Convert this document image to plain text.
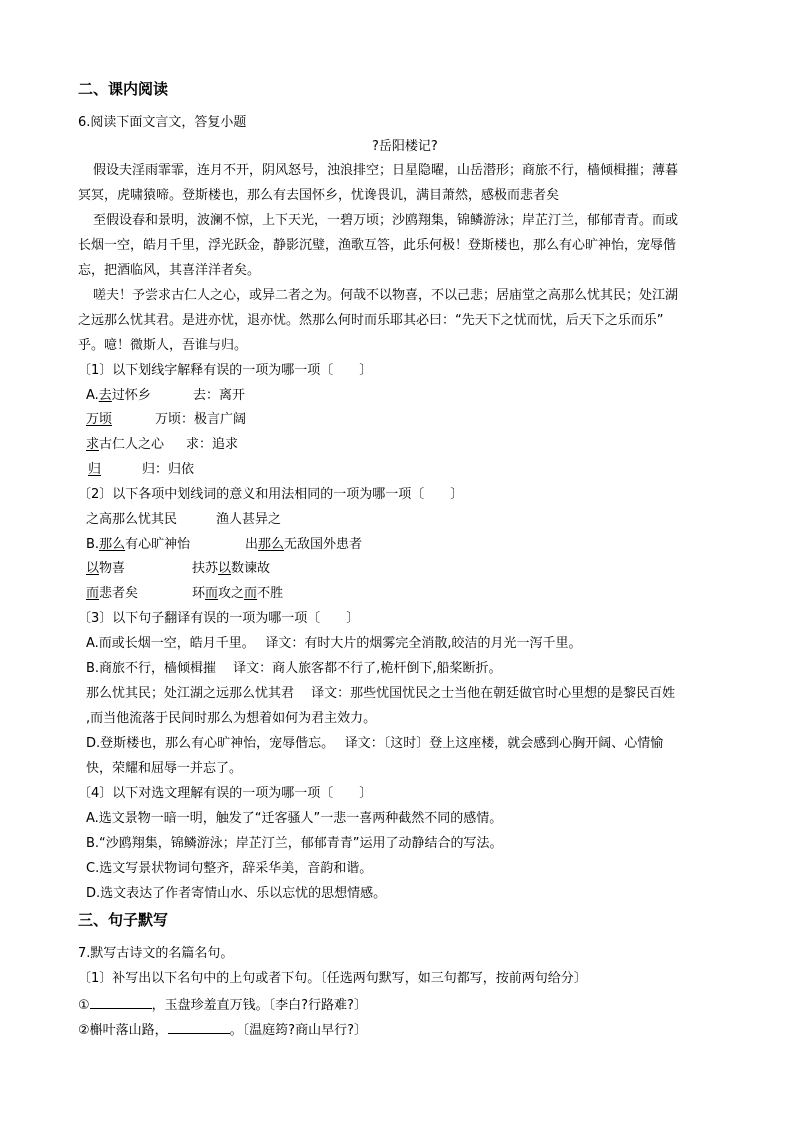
二、课内阅读
6.阅读下面文言文，答复小题
?岳阳楼记?
假设夫淫雨霏霏，连月不开，阴风怒号，浊浪排空；日星隐曜，山岳潜形；商旅不行，樯倾楫摧；薄暮
冥冥，虎啸猿啼。登斯楼也，那么有去国怀乡，忧谗畏讥，满目萧然，感极而悲者矣
至假设春和景明，波澜不惊，上下天光，一碧万顷；沙鸥翔集，锦鳞游泳；岸芷汀兰，郁郁青青。而或
长烟一空，皓月千里，浮光跃金，静影沉璧，渔歌互答，此乐何极！登斯楼也，那么有心旷神怡，宠辱偕
忘，把酒临风，其喜洋洋者矣。
嗟夫！予尝求古仁人之心，或异二者之为。何哉不以物喜，不以己悲；居庙堂之高那么忧其民；处江湖
之远那么忧其君。是进亦忧，退亦忧。然那么何时而乐耶其必曰：“先天下之忧而忧，后天下之乐而乐”
乎。噫！微斯人，吾谁与归。
〔1〕以下划线字解释有误的一项为哪一项〔　　〕
A.去过怀乡	去：离开
万顷	万顷：极言广阔
求古仁人之心 求：追求
归	归：归依
〔2〕以下各项中划线词的意义和用法相同的一项为哪一项〔　　〕
之高那么忧其民	渔人甚异之
B.那么有心旷神怡	出那么无敌国外患者
以物喜	扶苏以数谏故
而悲者矣	环而攻之而不胜
〔3〕以下句子翻译有误的一项为哪一项〔　　〕
A.而或长烟一空，皓月千里。　 译文：有时大片的烟雾完全消散,皎洁的月光一泻千里。
B.商旅不行，樯倾楫摧　 译文：商人旅客都不行了,桅杆倒下,船桨断折。
那么忧其民；处江湖之远那么忧其君　 译文：那些忧国忧民之士当他在朝廷做官时心里想的是黎民百姓
,而当他流落于民间时那么为想着如何为君主效力。
D.登斯楼也，那么有心旷神怡，宠辱偕忘。　 译文：〔这时〕登上这座楼，就会感到心胸开阔、心情愉
快，荣耀和屈辱一并忘了。
〔4〕以下对选文理解有误的一项为哪一项〔　　〕
A.选文景物一暗一明，触发了“迁客骚人”一悲一喜两种截然不同的感情。
B.“沙鸥翔集，锦鳞游泳；岸芷汀兰，郁郁青青”运用了动静结合的写法。
C.选文写景状物词句整齐，辞采华美，音韵和谐。
D.选文表达了作者寄情山水、乐以忘忧的思想情感。
三、句子默写
7.默写古诗文的名篇名句。
〔1〕补写出以下名句中的上句或者下句。〔任选两句默写，如三句都写，按前两句给分〕
①	，玉盘珍羞直万钱。〔李白?行路难?〕
②槲叶落山路，	。〔温庭筠?商山早行?〕
